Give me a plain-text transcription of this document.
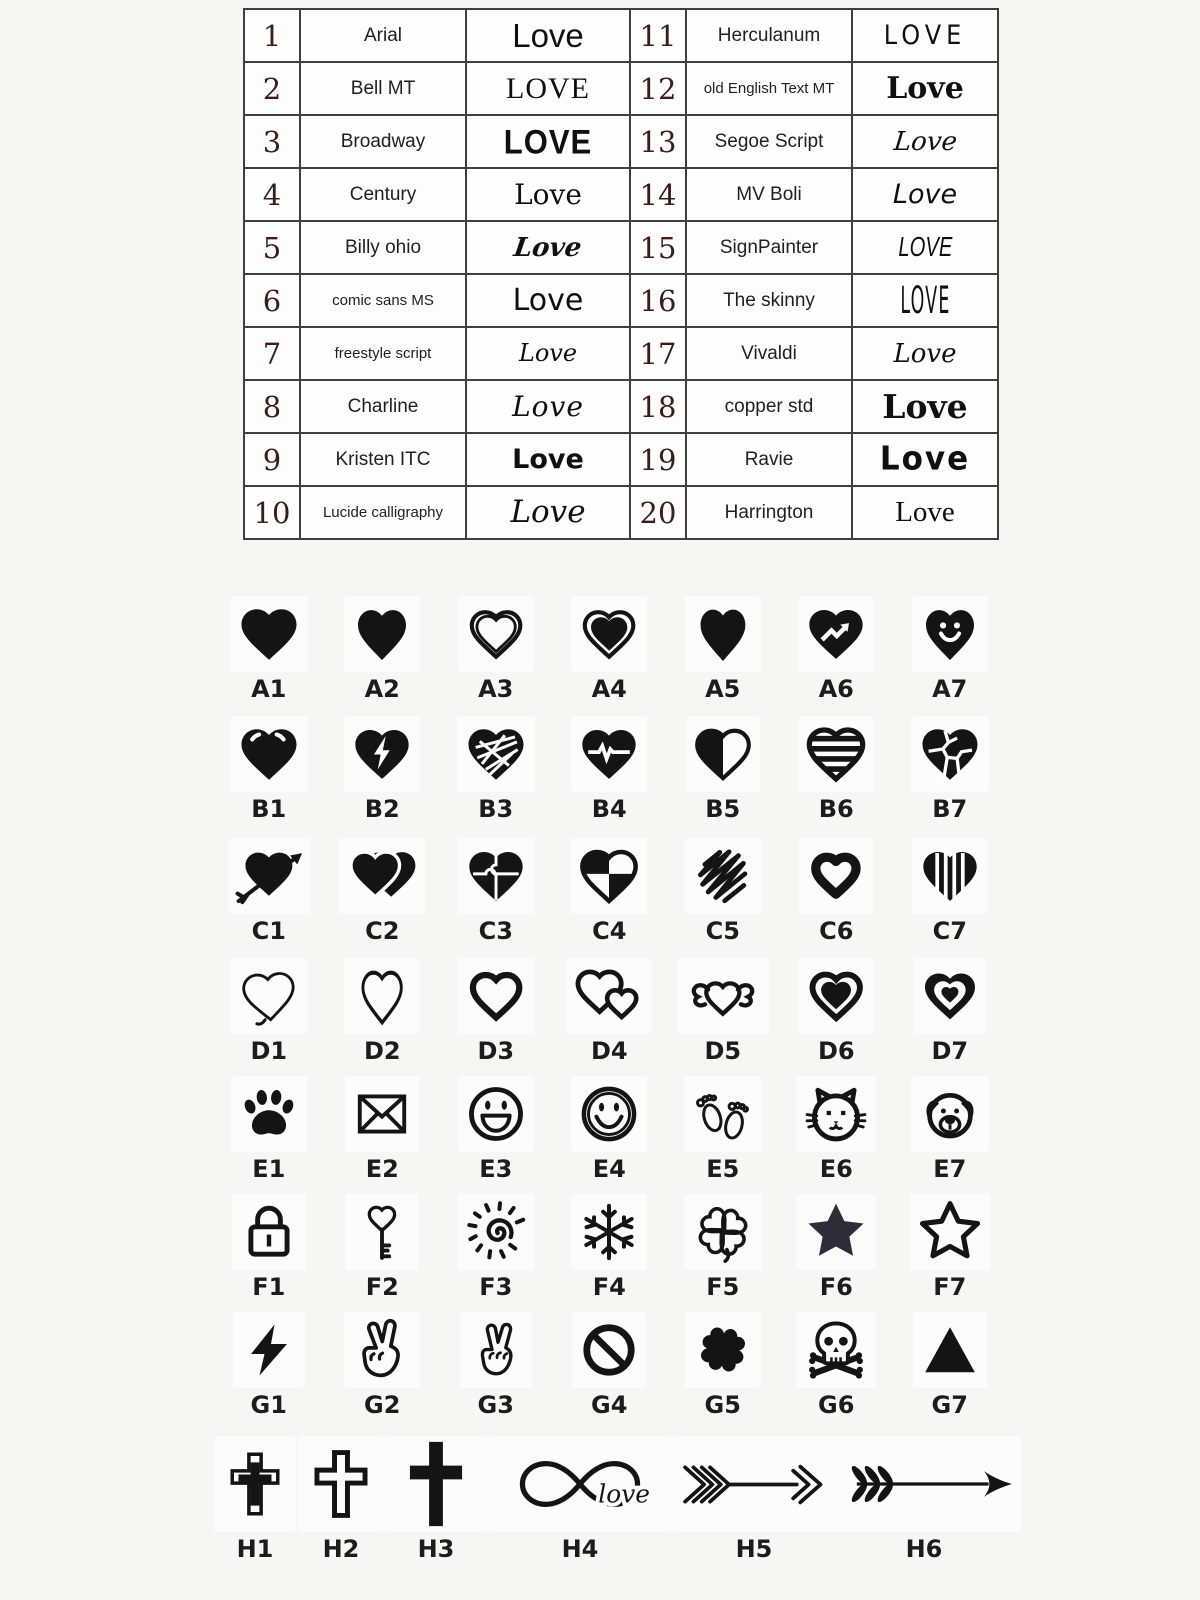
1	Arial	Love	11	Herculanum	LOVE
2	Bell MT	LOVE	12	old English Text MT	Love
3	Broadway	LOVE	13	Segoe Script	Love
4	Century	Love	14	MV Boli	Love
5	Billy ohio	Love	15	SignPainter	LOVE
6	comic sans MS	Love	16	The skinny	LOVE
7	freestyle script	Love	17	Vivaldi	Love
8	Charline	Love	18	copper std	Love
9	Kristen ITC	Love	19	Ravie	Love
10	Lucide calligraphy	Love	20	Harrington	Love
A1	A2	A3	A4	A5	A6	A7
B1	B2	B3	B4	B5	B6	B7
C1	C2	C3	C4	C5	C6	C7
D1	D2	D3	D4	D5	D6	D7
E1	E2	E3	E4	E5	E6	E7
F1	F2	F3	F4	F5	F6	F7
G1	G2	G3	G4	G5	G6	G7
H1 H2 H3
love
H4	H5	H6
